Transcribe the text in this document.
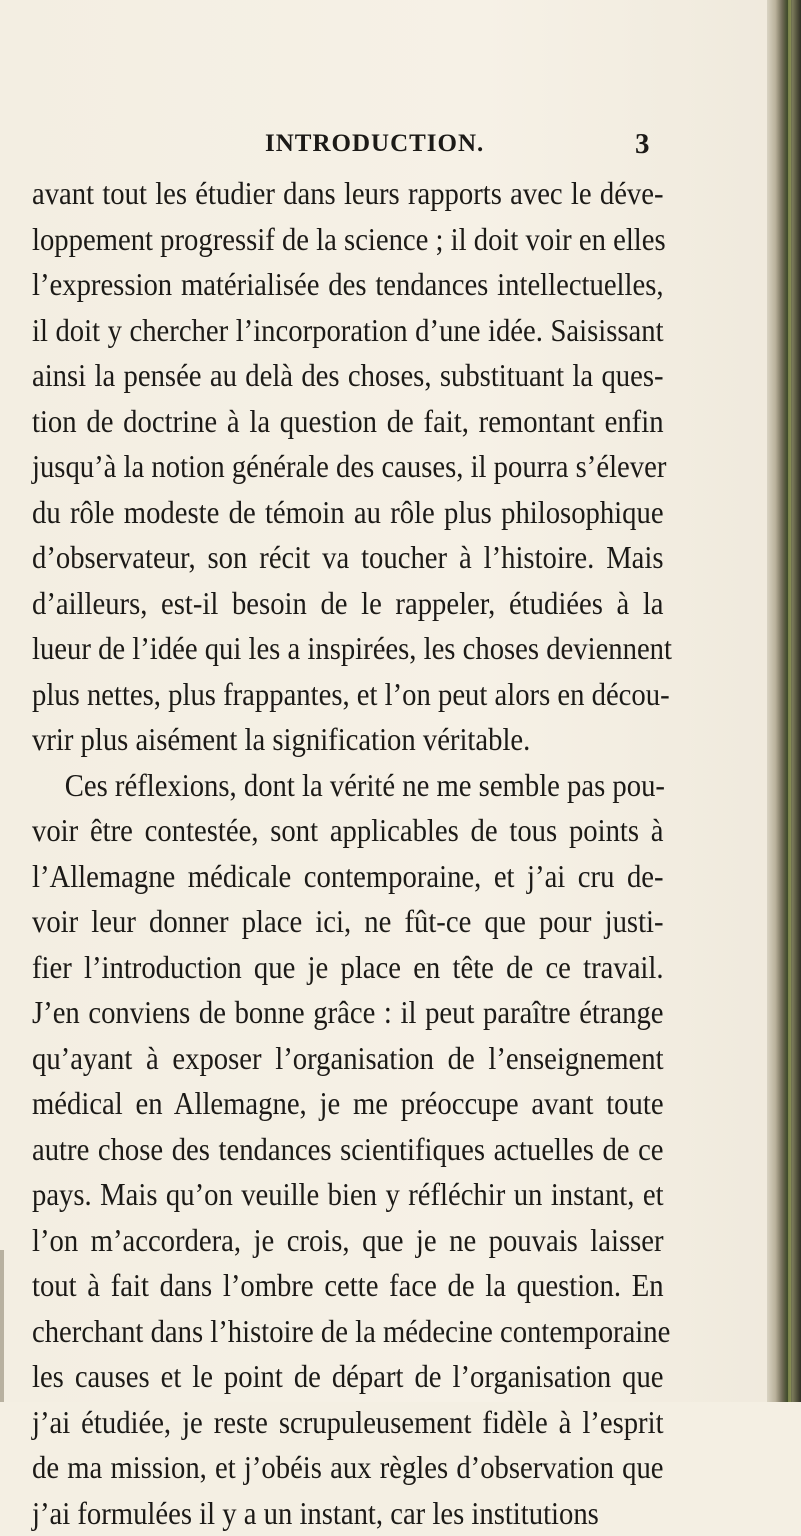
INTRODUCTION.	3
avant tout les étudier dans leurs rapports avec le déve-
loppement progressif de la science ; il doit voir en elles
l’expression matérialisée des tendances intellectuelles,
il doit y chercher l’incorporation d’une idée. Saisissant
ainsi la pensée au delà des choses, substituant la ques-
tion de doctrine à la question de fait, remontant enfin
jusqu’à la notion générale des causes, il pourra s’élever
du rôle modeste de témoin au rôle plus philosophique
d’observateur, son récit va toucher à l’histoire. Mais
d’ailleurs, est-il besoin de le rappeler, étudiées à la
lueur de l’idée qui les a inspirées, les choses deviennent
plus nettes, plus frappantes, et l’on peut alors en décou-
vrir plus aisément la signification véritable.
Ces réflexions, dont la vérité ne me semble pas pou-
voir être contestée, sont applicables de tous points à
l’Allemagne médicale contemporaine, et j’ai cru de-
voir leur donner place ici, ne fût-ce que pour justi-
fier l’introduction que je place en tête de ce travail.
J’en conviens de bonne grâce : il peut paraître étrange
qu’ayant à exposer l’organisation de l’enseignement
médical en Allemagne, je me préoccupe avant toute
autre chose des tendances scientifiques actuelles de ce
pays. Mais qu’on veuille bien y réfléchir un instant, et
l’on m’accordera, je crois, que je ne pouvais laisser
tout à fait dans l’ombre cette face de la question. En
cherchant dans l’histoire de la médecine contemporaine
les causes et le point de départ de l’organisation que
j’ai étudiée, je reste scrupuleusement fidèle à l’esprit
de ma mission, et j’obéis aux règles d’observation que
j’ai formulées il y a un instant, car les institutions
